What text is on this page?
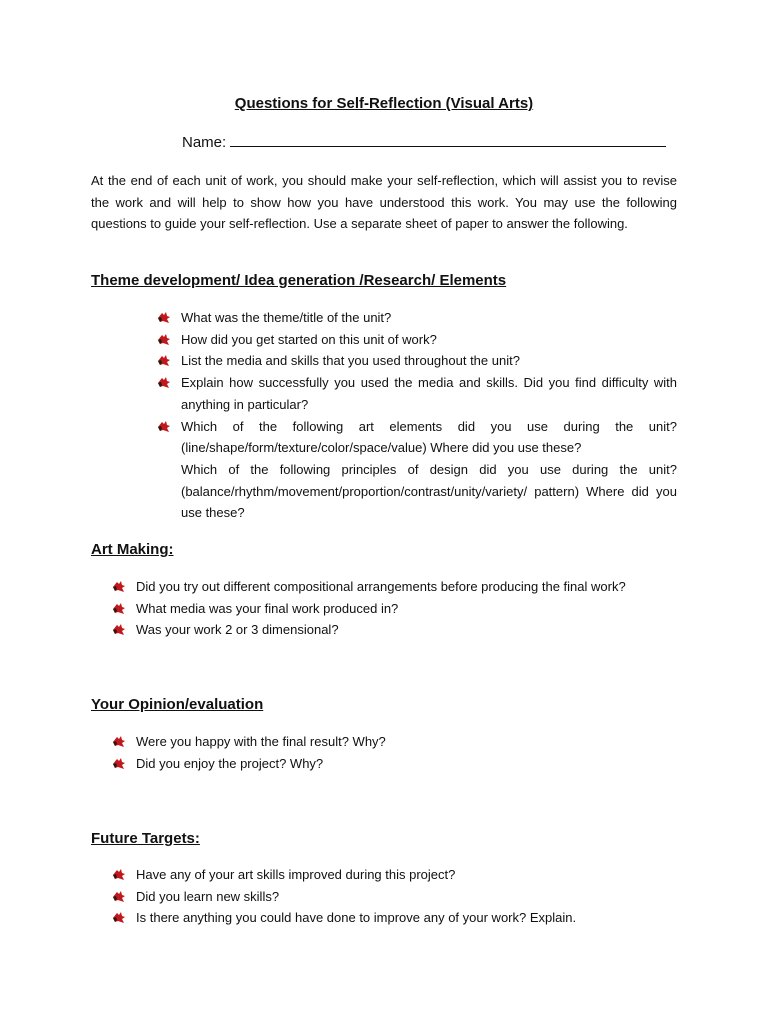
Questions for Self-Reflection (Visual Arts)
Name:

At the end of each unit of work, you should make your self-reflection, which will assist you to revise the work and will help to show how you have understood this work. You may use the following questions to guide your self-reflection. Use a separate sheet of paper to answer the following.

Theme development/ Idea generation /Research/ Elements
What was the theme/title of the unit?
How did you get started on this unit of work?
List the media and skills that you used throughout the unit?
Explain how successfully you used the media and skills. Did you find difficulty with anything in particular?
Which of the following art elements did you use during the unit? (line/shape/form/texture/color/space/value) Where did you use these?
Which of the following principles of design did you use during the unit?(balance/rhythm/movement/proportion/contrast/unity/variety/ pattern) Where did you use these?
Art Making:
Did you try out different compositional arrangements before producing the final work?
What media was your final work produced in?
Was your work 2 or 3 dimensional?
Your Opinion/evaluation
Were you happy with the final result? Why?
Did you enjoy the project? Why?
Future Targets:
Have any of your art skills improved during this project?
Did you learn new skills?
Is there anything you could have done to improve any of your work? Explain.
